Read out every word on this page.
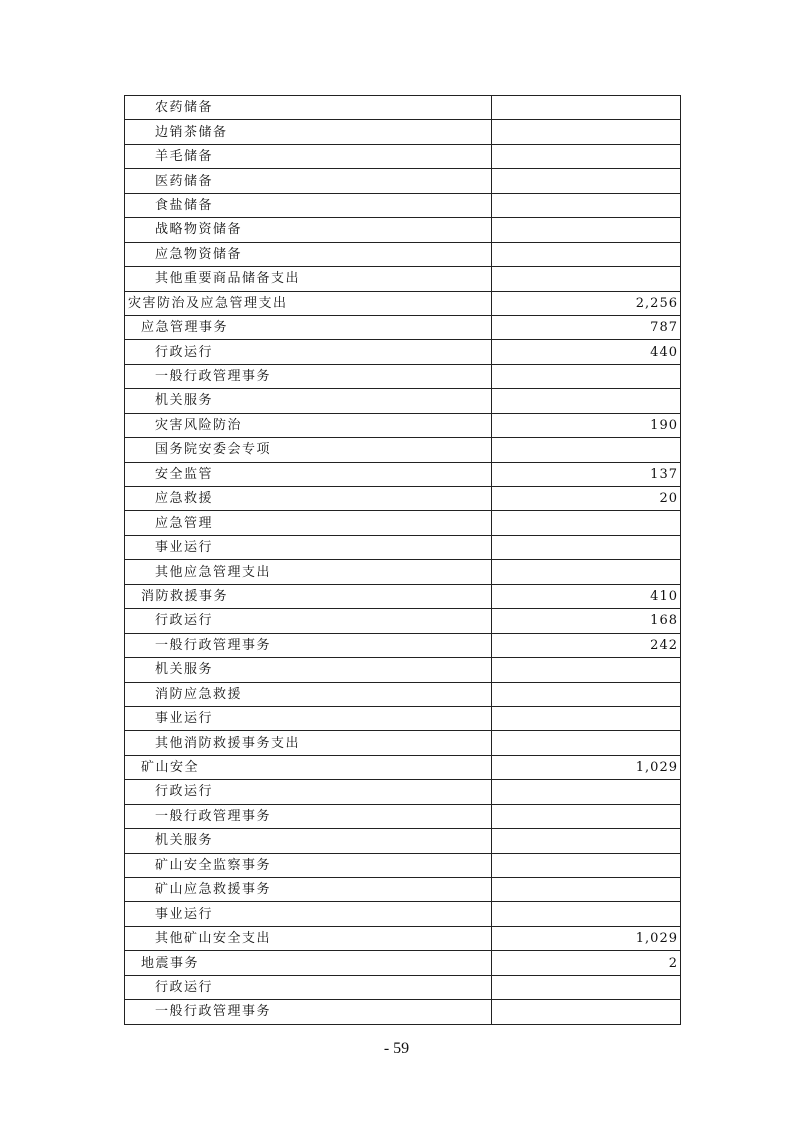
农药储备	
边销茶储备	
羊毛储备	
医药储备	
食盐储备	
战略物资储备	
应急物资储备	
其他重要商品储备支出	
灾害防治及应急管理支出	2,256
应急管理事务	787
行政运行	440
一般行政管理事务	
机关服务	
灾害风险防治	190
国务院安委会专项	
安全监管	137
应急救援	20
应急管理	
事业运行	
其他应急管理支出	
消防救援事务	410
行政运行	168
一般行政管理事务	242
机关服务	
消防应急救援	
事业运行	
其他消防救援事务支出	
矿山安全	1,029
行政运行	
一般行政管理事务	
机关服务	
矿山安全监察事务	
矿山应急救援事务	
事业运行	
其他矿山安全支出	1,029
地震事务	2
行政运行	
一般行政管理事务	
- 59
